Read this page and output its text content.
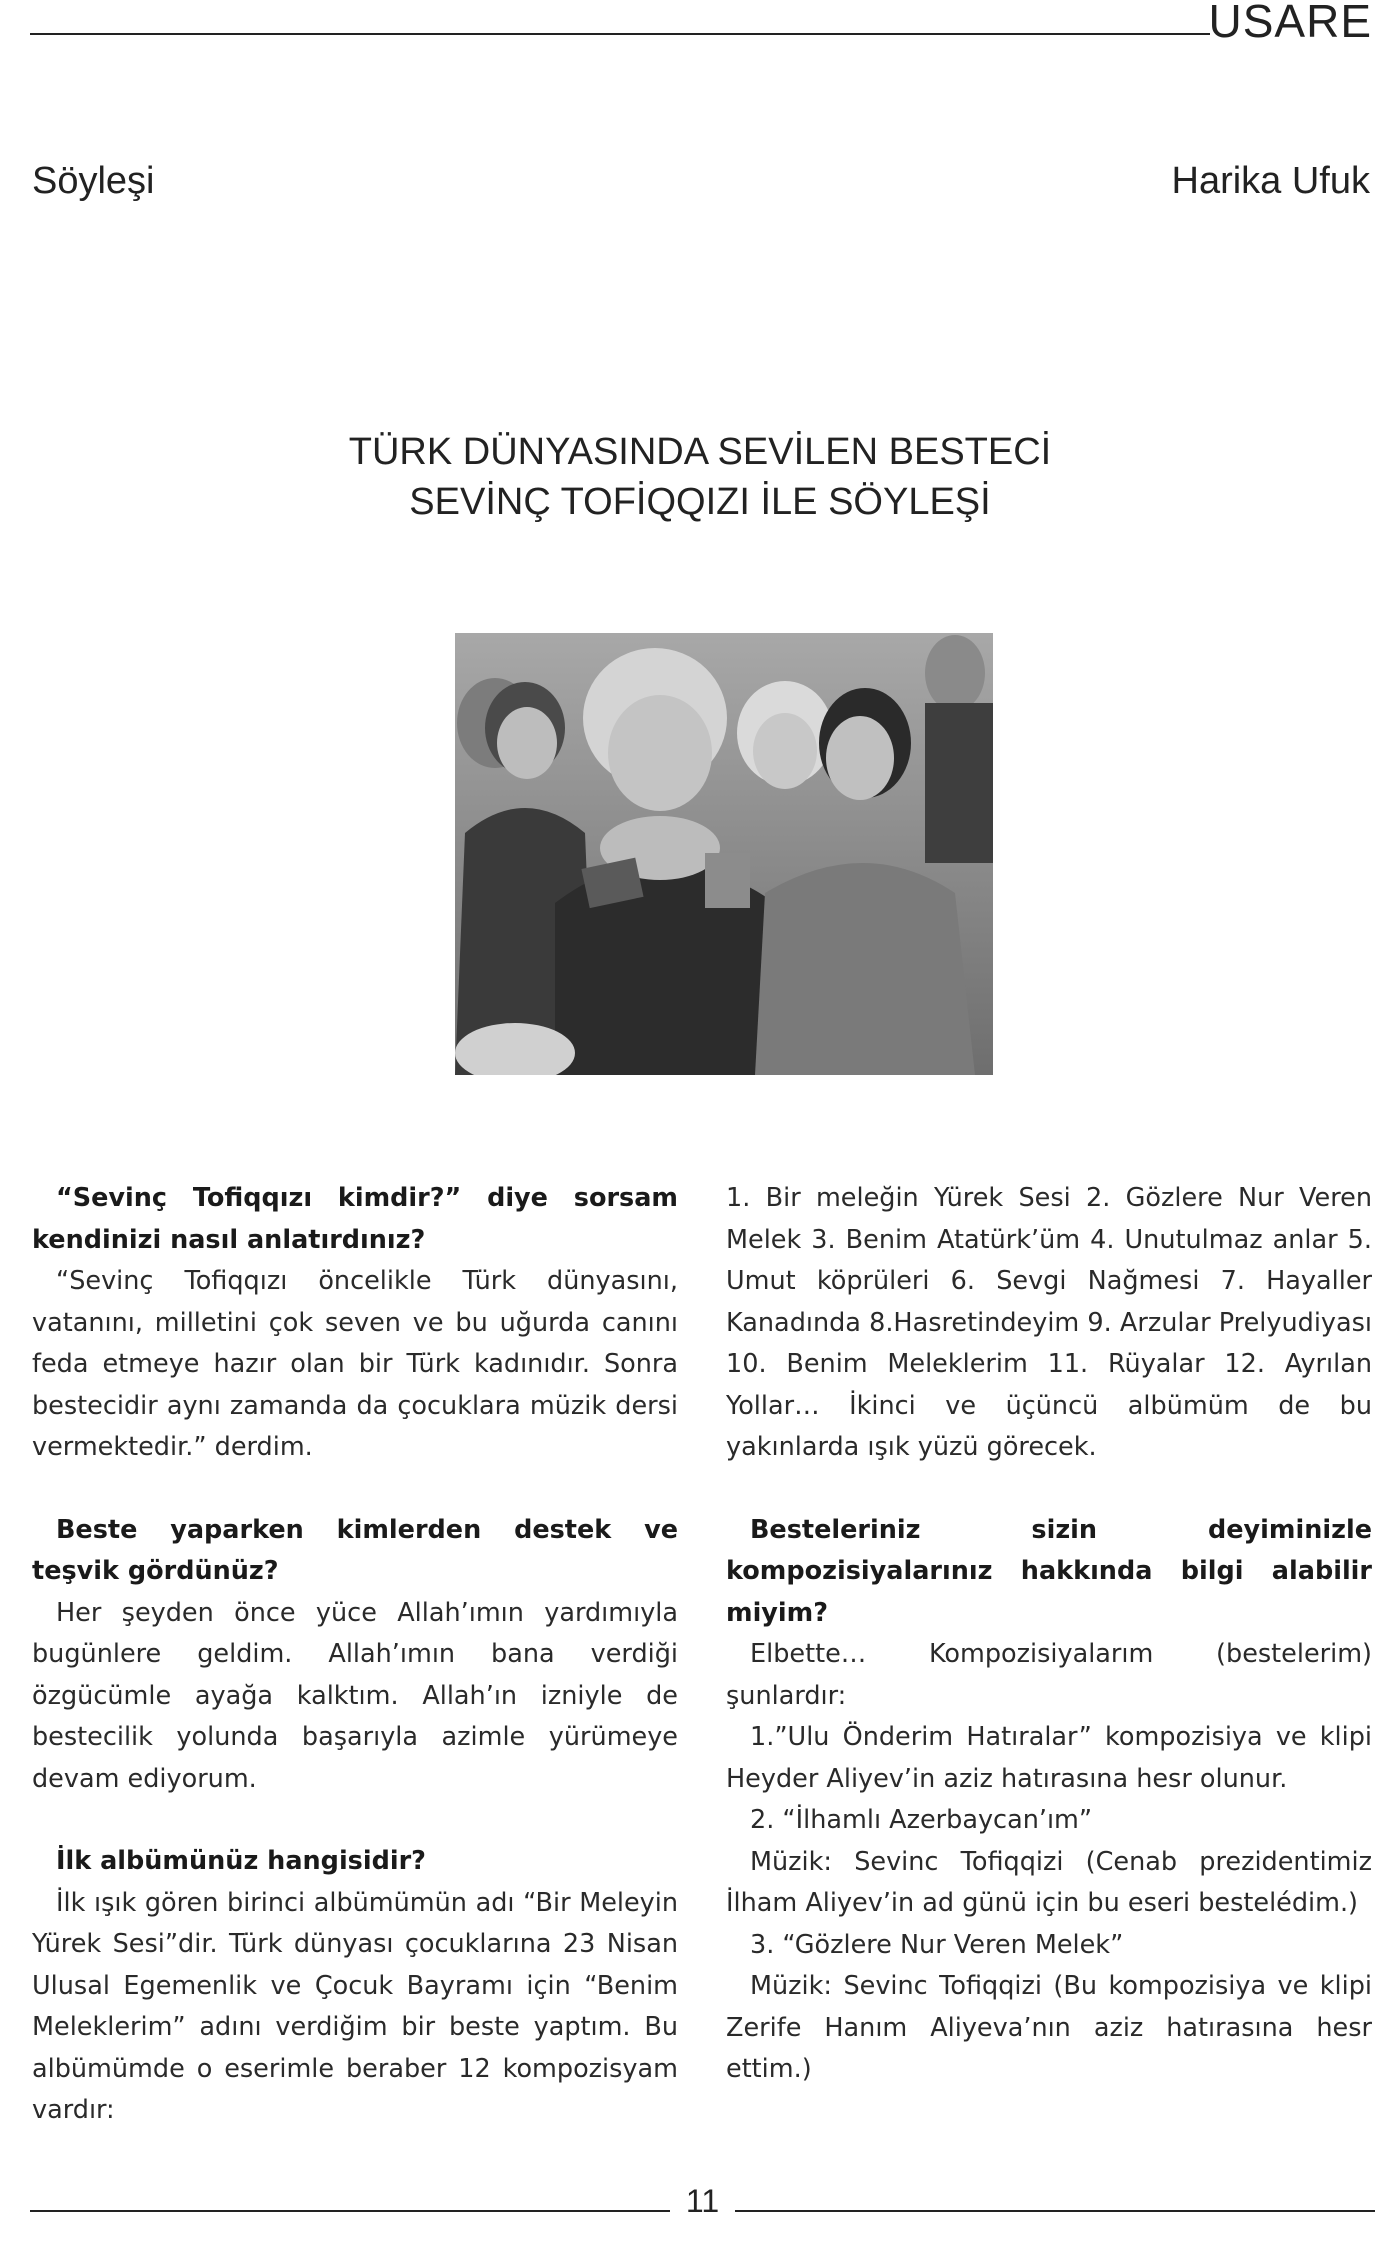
USARE
Söyleşi	Harika Ufuk
TÜRK DÜNYASINDA SEVİLEN BESTECİ
SEVİNÇ TOFİQQIZI İLE SÖYLEŞİ

“Sevinç Tofiqqızı kimdir?” diye sorsam kendinizi nasıl anlatırdınız?

“Sevinç Tofiqqızı öncelikle Türk dünyasını, vatanını, milletini çok seven ve bu uğurda canını feda etmeye hazır olan bir Türk kadınıdır. Sonra bestecidir aynı zamanda da çocuklara müzik dersi vermektedir.” derdim.

Beste yaparken kimlerden destek ve teşvik gördünüz?

Her şeyden önce yüce Allah’ımın yardımıyla bugünlere geldim. Allah’ımın bana verdiği özgücümle ayağa kalktım. Allah’ın izniyle de bestecilik yolunda başarıyla azimle yürümeye devam ediyorum.

İlk albümünüz hangisidir?

İlk ışık gören birinci albümümün adı “Bir Meleyin Yürek Sesi”dir. Türk dünyası çocuklarına 23 Nisan Ulusal Egemenlik ve Çocuk Bayramı için “Benim Meleklerim” adını verdiğim bir beste yaptım. Bu albümümde o eserimle beraber 12 kompozisyam vardır:

1. Bir meleğin Yürek Sesi 2. Gözlere Nur Veren Melek 3. Benim Atatürk’üm 4. Unutulmaz anlar 5. Umut köprüleri 6. Sevgi Nağmesi 7. Hayaller Kanadında 8.Hasretindeyim 9. Arzular Prelyudiyası 10. Benim Meleklerim 11. Rüyalar 12. Ayrılan Yollar… İkinci ve üçüncü albümüm de bu yakınlarda ışık yüzü görecek.

Besteleriniz sizin deyiminizle kompozisiyalarınız hakkında bilgi alabilir miyim?

Elbette… Kompozisiyalarım (bestelerim) şunlardır:

1.”Ulu Önderim Hatıralar” kompozisiya ve klipi Heyder Aliyev’in aziz hatırasına hesr olunur.

2. “İlhamlı Azerbaycan’ım”

Müzik: Sevinc Tofiqqizi (Cenab prezidentimiz İlham Aliyev’in ad günü için bu eseri bestelédim.)

3. “Gözlere Nur Veren Melek”

Müzik: Sevinc Tofiqqizi (Bu kompozisiya ve klipi Zerife Hanım Aliyeva’nın aziz hatırasına hesr ettim.)

11
